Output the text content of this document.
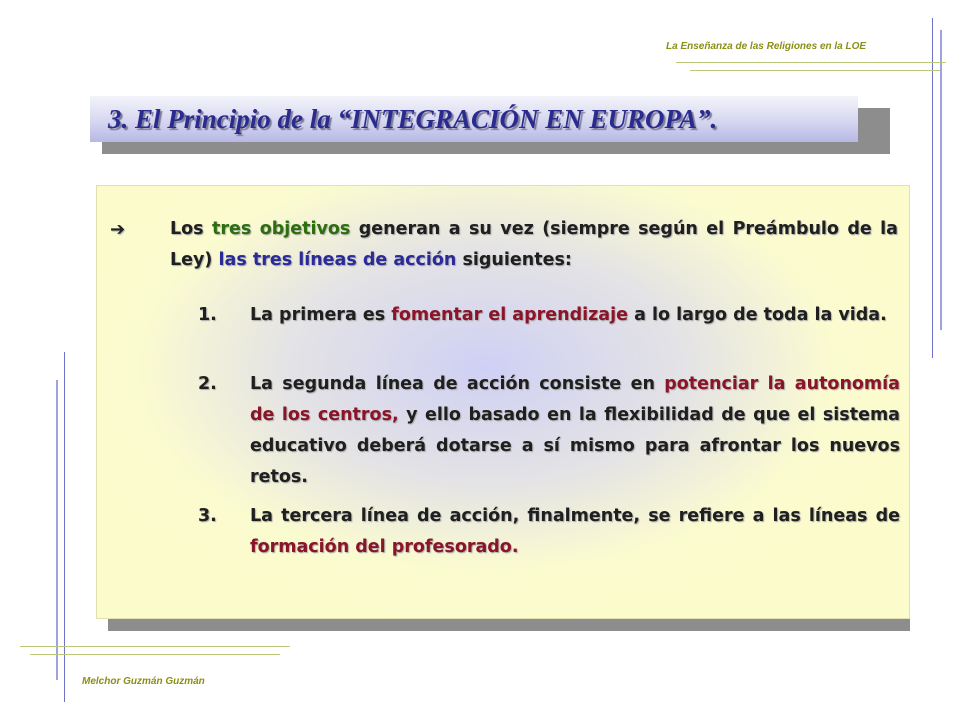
La Enseñanza de las Religiones en la LOE
Melchor Guzmán Guzmán
3. El Principio de la “INTEGRACIÓN EN EUROPA”.
➔	Los tres objetivos generan a su vez (siempre según el Preámbulo de la Ley) las tres líneas de acción siguientes:
1.	La primera es fomentar el aprendizaje a lo largo de toda la vida.
2.	La segunda línea de acción consiste en potenciar la autonomía de los centros, y ello basado en la flexibilidad de que el sistema educativo deberá dotarse a sí mismo para afrontar los nuevos retos.
3.	La tercera línea de acción, finalmente, se refiere a las líneas de formación del profesorado.
